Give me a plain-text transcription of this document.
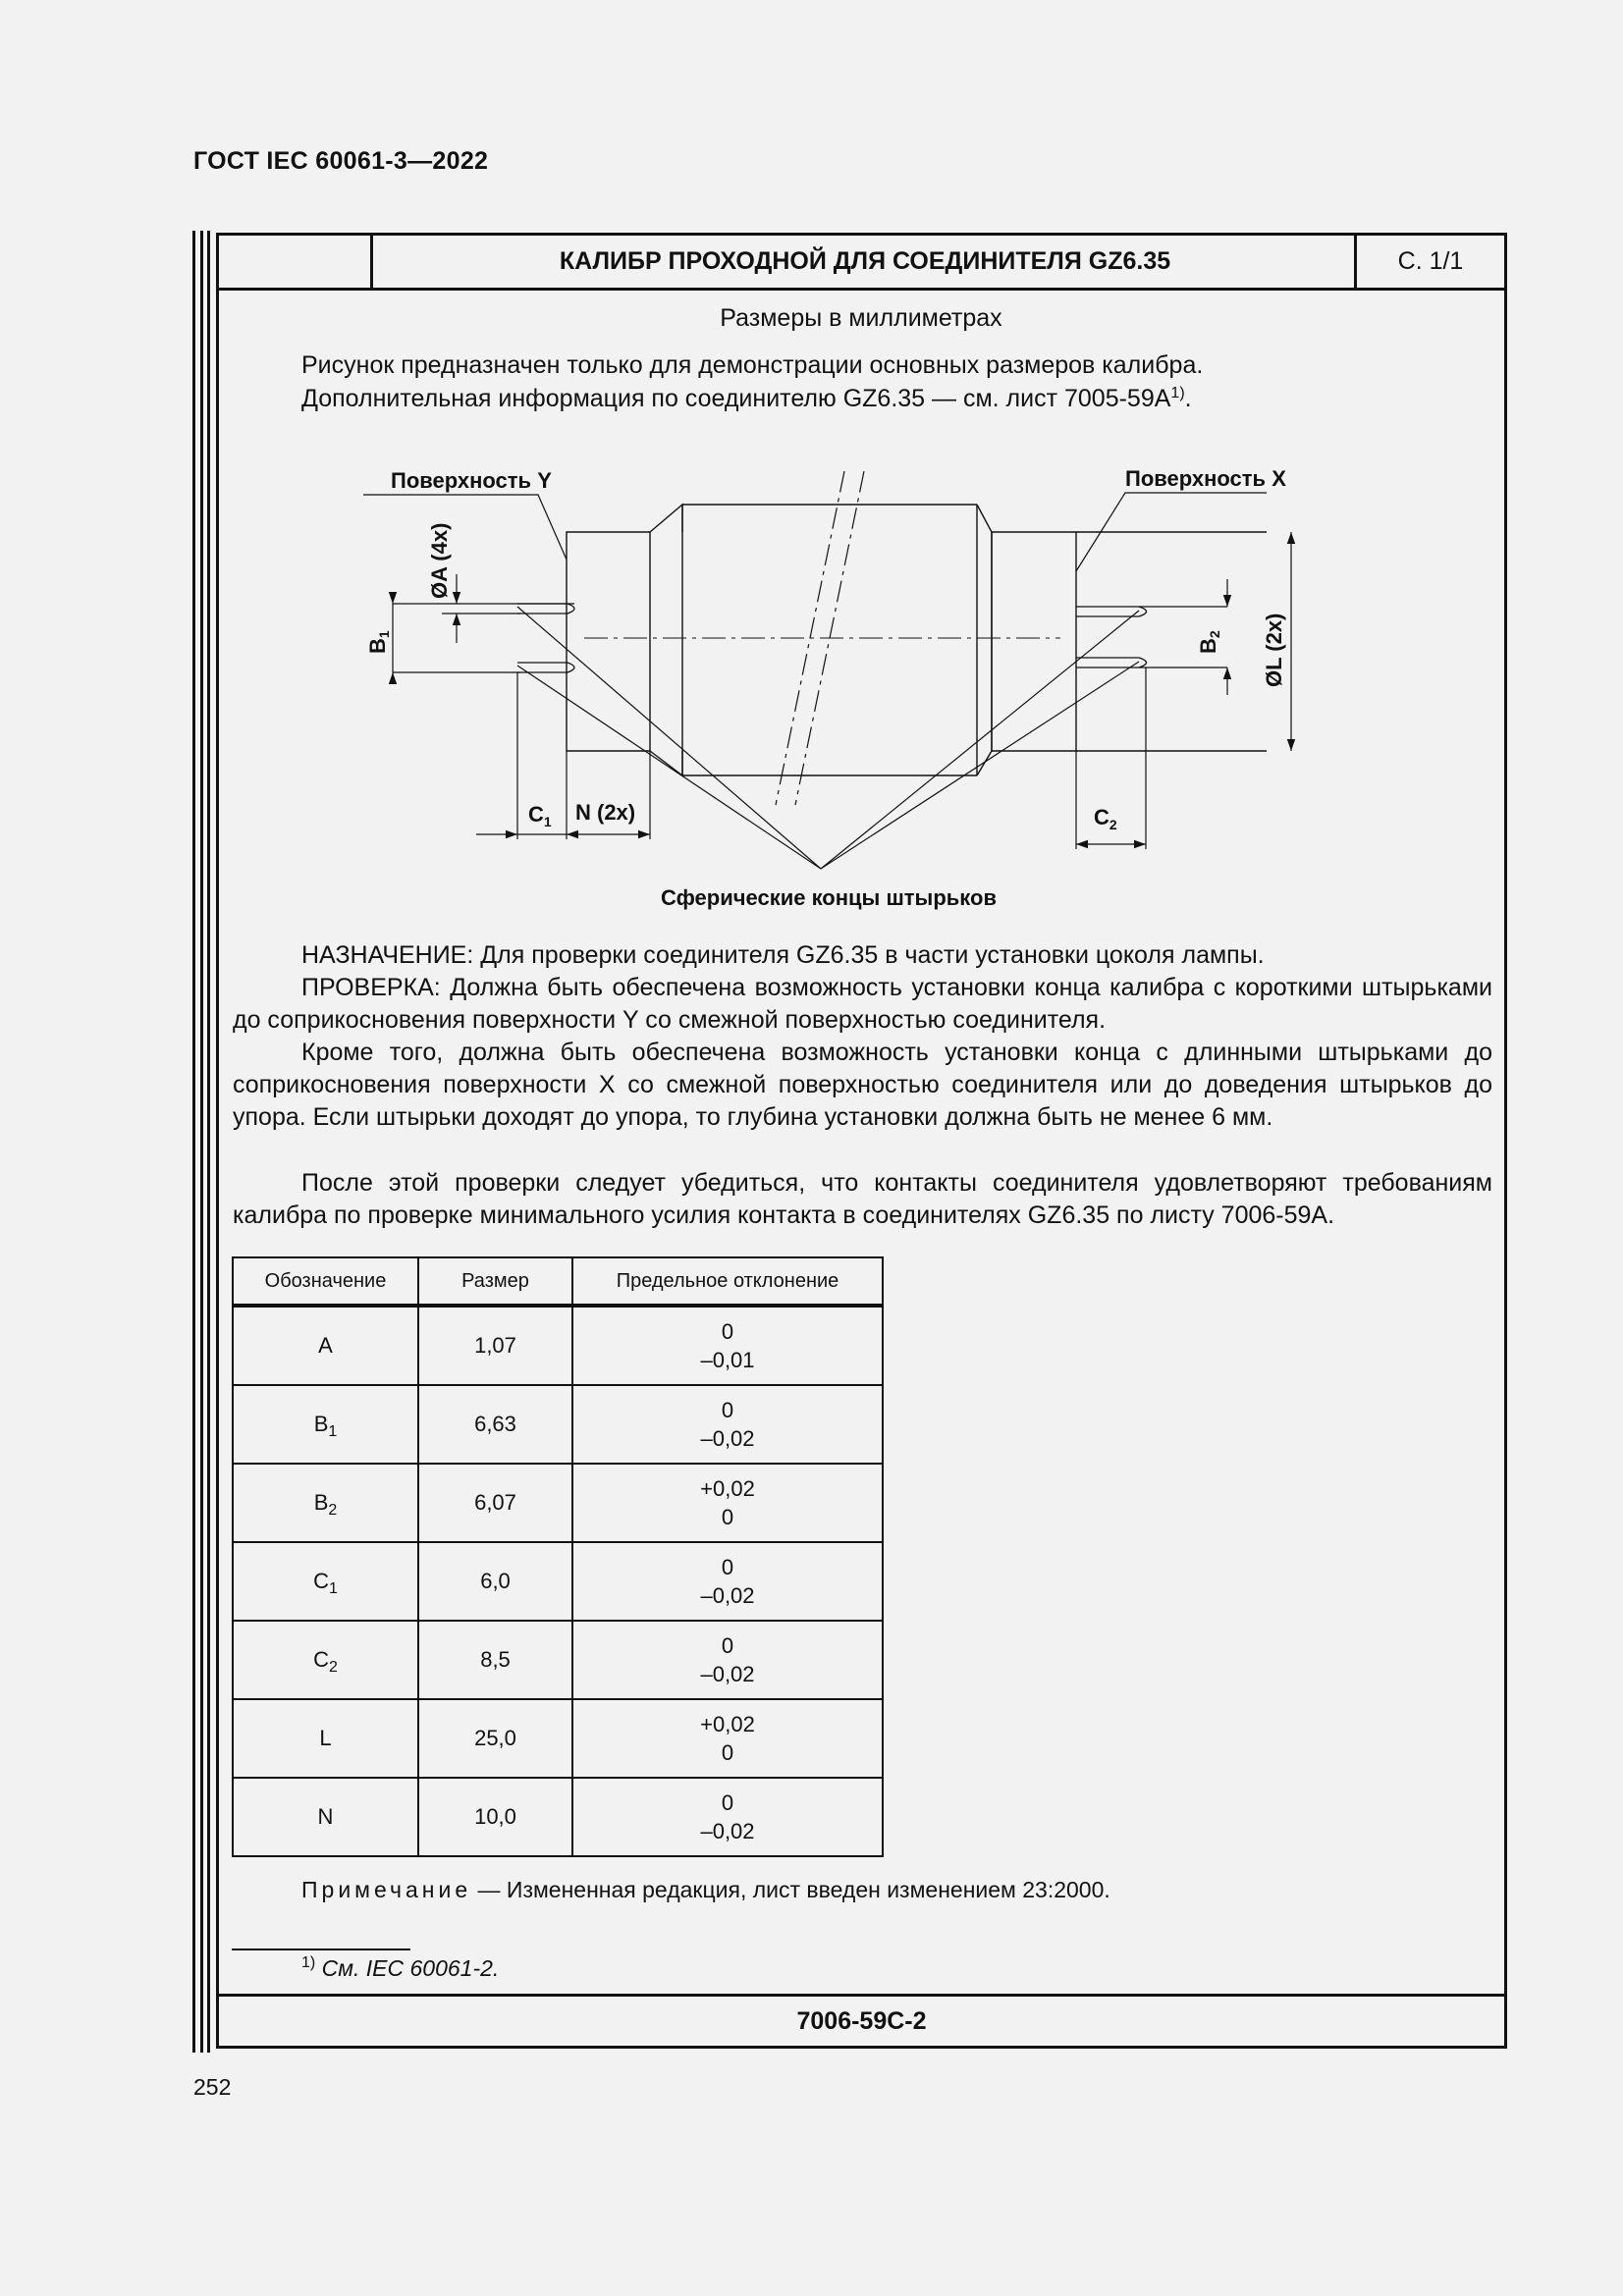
ГОСТ IEC 60061-3—2022
КАЛИБР ПРОХОДНОЙ ДЛЯ СОЕДИНИТЕЛЯ GZ6.35	С. 1/1
7006-59C-2
Размеры в миллиметрах
Рисунок предназначен только для демонстрации основных размеров калибра.
Дополнительная информация по соединителю GZ6.35 — см. лист $7005-59A^{1)}$.
Поверхность Y	Поверхность X
ØA (4x)
B1
B2 ØL (2x)
$C_1$ N (2x)	$C_2$
Сферические концы штырьков
НАЗНАЧЕНИЕ: Для проверки соединителя GZ6.35 в части установки цоколя лампы.
ПРОВЕРКА: Должна быть обеспечена возможность установки конца калибра с короткими штырьками до соприкосновения поверхности Y со смежной поверхностью соединителя.
Кроме того, должна быть обеспечена возможность установки конца с длинными штырьками до соприкосновения поверхности X со смежной поверхностью соединителя или до доведения штырьков до упора. Если штырьки доходят до упора, то глубина установки должна быть не менее 6 мм.
После этой проверки следует убедиться, что контакты соединителя удовлетворяют требованиям калибра по проверке минимального усилия контакта в соединителях GZ6.35 по листу 7006-59A.
Обозначение	Размер	Предельное отклонение
A	1,07	0
–0,01

$B_1$	6,63	0
–0,02

$B_2$	6,07	+0,02
0

$C_1$	6,0	0
–0,02

$C_2$	8,5	0
–0,02

L	25,0	+0,02
0

N	10,0	0
–0,02
Примечание — Измененная редакция, лист введен изменением 23:2000.
$^{1)}$ См. IEC 60061-2.
252
